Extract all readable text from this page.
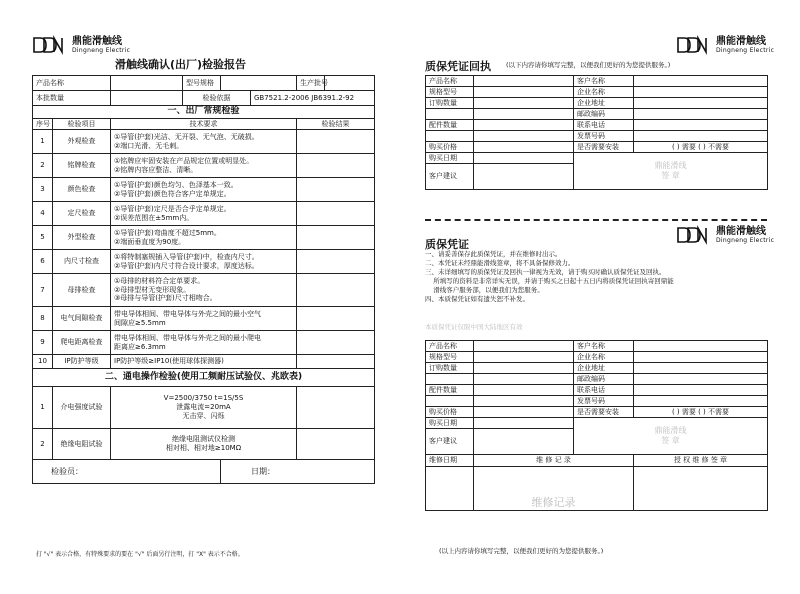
鼎能滑触线
Dingneng Electric
滑触线确认(出厂)检验报告
产品名称			型号规格			生产批号	
本批数量			检验依据		GB7521.2-2006 JB6391.2-92		
一、出厂常规检验							
序号	检验项目	技术要求				检验结果	
1	外观检查	①导管(护套)光洁、无开裂、无气泡、无破损。
②端口光滑、无毛刺。					

2	铭牌检查	①铭牌应牢固安装在产品规定位置或明显处。
②铭牌内容应整洁、清晰。					

3	颜色检查	①导管(护套)颜色均匀、色泽基本一致。
②导管(护套)颜色符合客户定单规定。					

4	定尺检查	①导管(护套)定尺是否合乎定单规定。
②误差范围在±5mm内。					

5	外型检查	①导管(护套)弯曲度不超过5mm。
②端面垂直度为90度。					

6	内尺寸检查	①将特制塞规插入导管(护套)中，检查内尺寸。
②导管(护套)内尺寸符合设计要求，厚度达标。					

7	母排检查	①母排的材料符合定单要求。
②母排型材无变形现象。
③母排与导管(护套)尺寸相吻合。					

8	电气间隙检查	带电导体相间、带电导体与外壳之间的最小空气
间隙应≥5.5mm					

9	爬电距离检查	带电导体相间、带电导体与外壳之间的最小爬电
距离应≥6.3mm					

10	IP防护等级	IP防护等级≥IP10(使用球体探测器)					

二、通电操作检验(使用工频耐压试验仪、兆欧表)							
1	介电强度试验	V=2500/3750 t=1S/5S
泄露电流=20mA
无击穿、闪烁					

2	绝缘电阻试验	绝缘电阻测试仪检测
相对相、相对地≥10MΩ					

检验员：				日期：			
打 "√" 表示合格，有特殊要求的要在 "√" 后面另行注明，打 "X" 表示不合格。
鼎能滑触线
Dingneng Electric
质保凭证回执 (以下内容请你填写完整，以便我们更好的为您提供服务。)
产品名称		客户名称	
规格型号		企业名称	
订购数量		企业地址	
		邮政编码	
配件数量		联系电话	
		发票号码	
购买价格		是否需要安装	( ) 需要 ( ) 不需要
购买日期		鼎能滑线
签 章	

客户建议			
鼎能滑触线
Dingneng Electric
质保凭证
一、请妥善保存此质保凭证，并在维修时出示。
二、本凭证未经鼎能滑线签章，将不具备保修效力。
三、未详细填写的质保凭证及回执一律视为无效，请于购买时确认质保凭证及回执。
所填写的资料是非常详实无误，并请于购买之日起十五日内将质保凭证回执寄回鼎能
滑线客户服务部，以便我们为您服务。
四、本质保凭证如有遗失恕不补发。
本质保凭证仅限中国大陆地区有效
产品名称		客户名称	
规格型号		企业名称	
订购数量		企业地址	
		邮政编码	
配件数量		联系电话	
		发票号码	
购买价格		是否需要安装	( ) 需要 ( ) 不需要
购买日期		鼎能滑线
签 章	

客户建议			
维修日期	维 修 记 录		授 权 维 修 签 章
	维修记录		
(以上内容请你填写完整，以便我们更好的为您提供服务。)
